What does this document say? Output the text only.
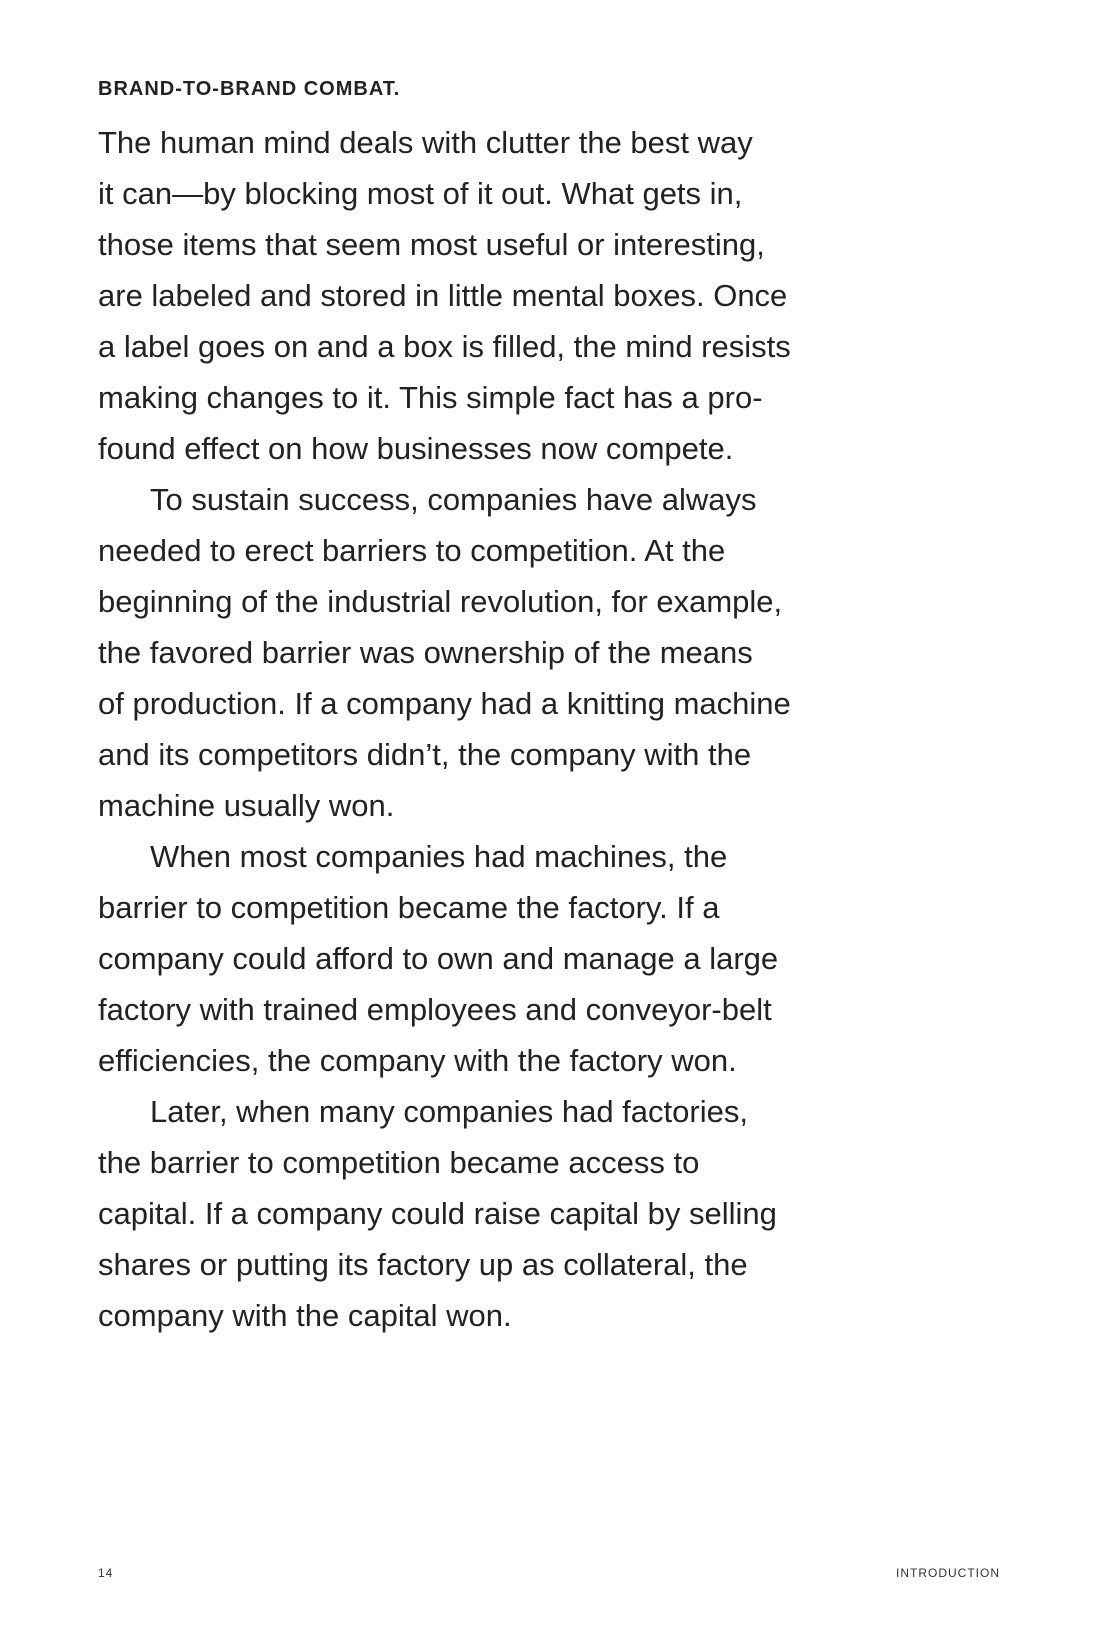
BRAND-TO-BRAND COMBAT.

The human mind deals with clutter the best way
it can—by blocking most of it out. What gets in,
those items that seem most useful or interesting,
are labeled and stored in little mental boxes. Once
a label goes on and a box is filled, the mind resists
making changes to it. This simple fact has a pro-
found effect on how businesses now compete.

To sustain success, companies have always
needed to erect barriers to competition. At the
beginning of the industrial revolution, for example,
the favored barrier was ownership of the means
of production. If a company had a knitting machine
and its competitors didn’t, the company with the
machine usually won.

When most companies had machines, the
barrier to competition became the factory. If a
company could afford to own and manage a large
factory with trained employees and conveyor-belt
efficiencies, the company with the factory won.

Later, when many companies had factories,
the barrier to competition became access to
capital. If a company could raise capital by selling
shares or putting its factory up as collateral, the
company with the capital won.

14	INTRODUCTION
